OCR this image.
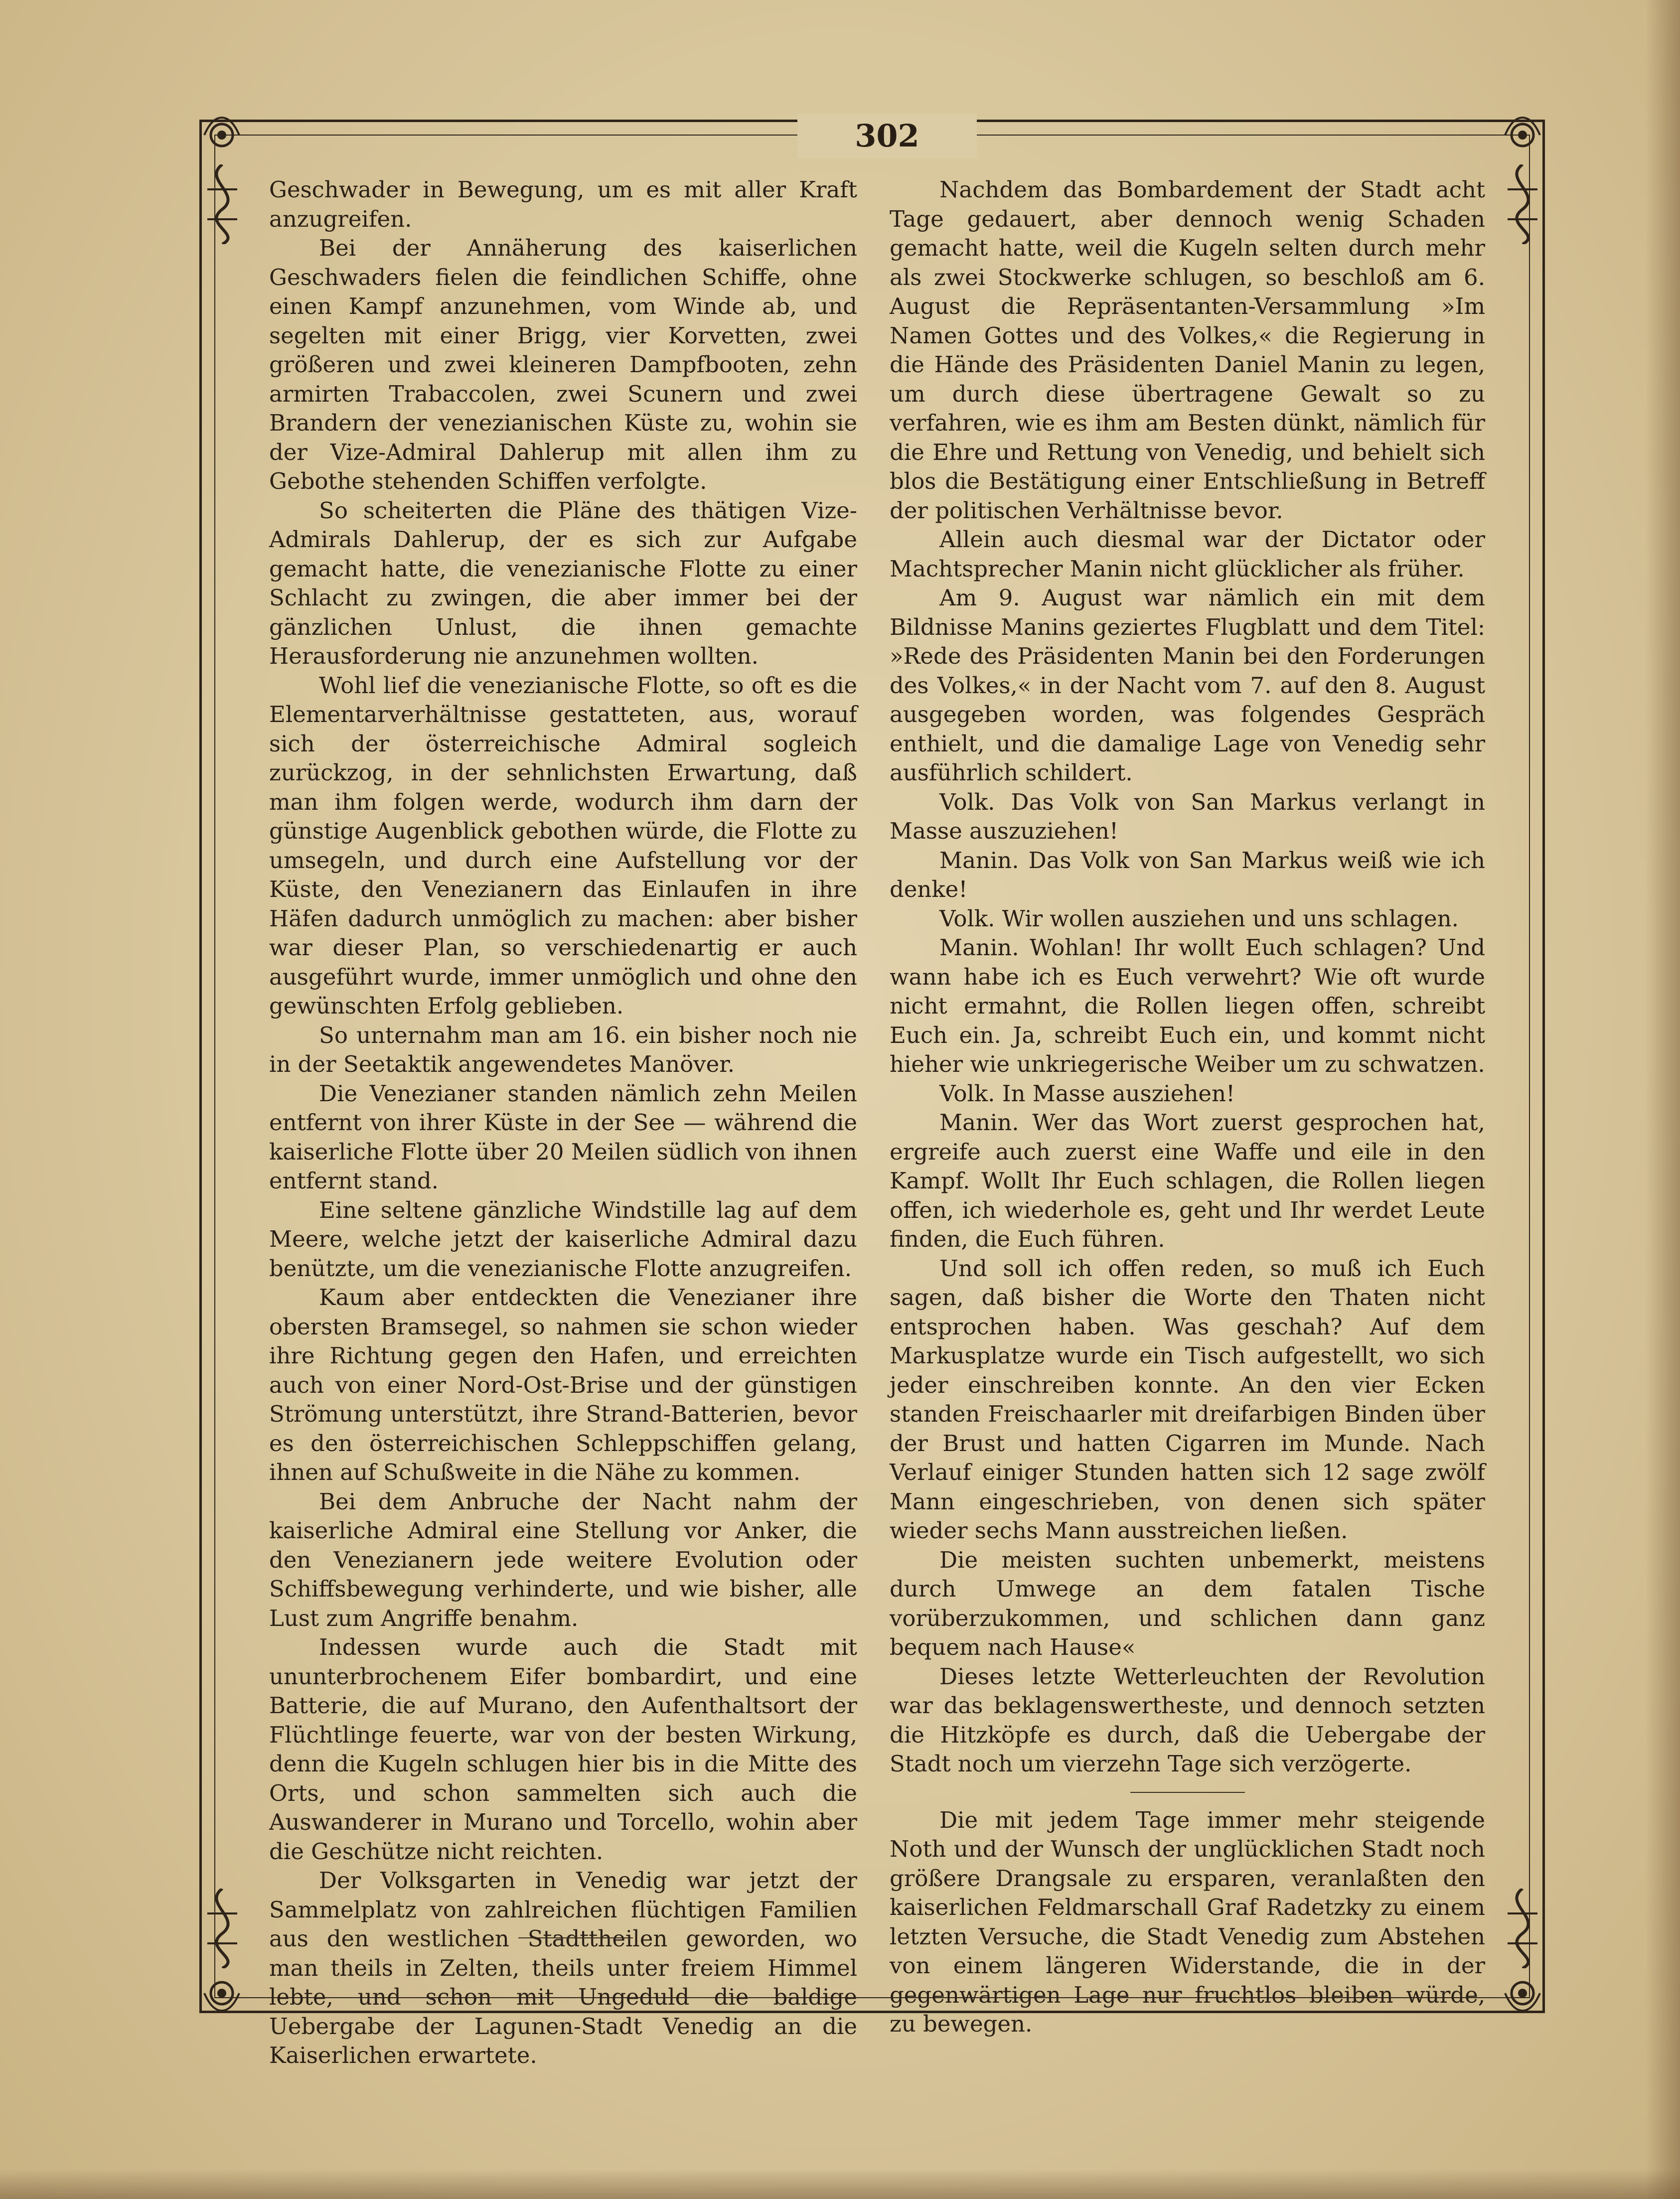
302

Geschwader in Bewegung, um es mit aller Kraft anzugreifen.

Bei der Annäherung des kaiserlichen Geschwaders fielen die feindlichen Schiffe, ohne einen Kampf anzunehmen, vom Winde ab, und segelten mit einer Brigg, vier Korvetten, zwei größeren und zwei kleineren Dampfbooten, zehn armirten Trabaccolen, zwei Scunern und zwei Brandern der venezianischen Küste zu, wohin sie der Vize-Admiral Dahlerup mit allen ihm zu Gebothe stehenden Schiffen verfolgte.

So scheiterten die Pläne des thätigen Vize-Admirals Dahlerup, der es sich zur Aufgabe gemacht hatte, die venezianische Flotte zu einer Schlacht zu zwingen, die aber immer bei der gänzlichen Unlust, die ihnen gemachte Herausforderung nie anzunehmen wollten.

Wohl lief die venezianische Flotte, so oft es die Elementarverhältnisse gestatteten, aus, worauf sich der österreichische Admiral sogleich zurückzog, in der sehnlichsten Erwartung, daß man ihm folgen werde, wodurch ihm darn der günstige Augenblick gebothen würde, die Flotte zu umsegeln, und durch eine Aufstellung vor der Küste, den Venezianern das Einlaufen in ihre Häfen dadurch unmöglich zu machen: aber bisher war dieser Plan, so verschiedenartig er auch ausgeführt wurde, immer unmöglich und ohne den gewünschten Erfolg geblieben.

So unternahm man am 16. ein bisher noch nie in der Seetaktik angewendetes Manöver.

Die Venezianer standen nämlich zehn Meilen entfernt von ihrer Küste in der See — während die kaiserliche Flotte über 20 Meilen südlich von ihnen entfernt stand.

Eine seltene gänzliche Windstille lag auf dem Meere, welche jetzt der kaiserliche Admiral dazu benützte, um die venezianische Flotte anzugreifen.

Kaum aber entdeckten die Venezianer ihre obersten Bramsegel, so nahmen sie schon wieder ihre Richtung gegen den Hafen, und erreichten auch von einer Nord-Ost-Brise und der günstigen Strömung unterstützt, ihre Strand-Batterien, bevor es den österreichischen Schleppschiffen gelang, ihnen auf Schußweite in die Nähe zu kommen.

Bei dem Anbruche der Nacht nahm der kaiserliche Admiral eine Stellung vor Anker, die den Venezianern jede weitere Evolution oder Schiffsbewegung verhinderte, und wie bisher, alle Lust zum Angriffe benahm.

Indessen wurde auch die Stadt mit ununterbrochenem Eifer bombardirt, und eine Batterie, die auf Murano, den Aufenthaltsort der Flüchtlinge feuerte, war von der besten Wirkung, denn die Kugeln schlugen hier bis in die Mitte des Orts, und schon sammelten sich auch die Auswanderer in Murano und Torcello, wohin aber die Geschütze nicht reichten.

Der Volksgarten in Venedig war jetzt der Sammelplatz von zahlreichen flüchtigen Familien aus den westlichen Stadttheilen geworden, wo man theils in Zelten, theils unter freiem Himmel lebte, und schon mit Ungeduld die baldige Uebergabe der Lagunen-Stadt Venedig an die Kaiserlichen erwartete.

Nachdem das Bombardement der Stadt acht Tage gedauert, aber dennoch wenig Schaden gemacht hatte, weil die Kugeln selten durch mehr als zwei Stockwerke schlugen, so beschloß am 6. August die Repräsentanten-Versammlung »Im Namen Gottes und des Volkes,« die Regierung in die Hände des Präsidenten Daniel Manin zu legen, um durch diese übertragene Gewalt so zu verfahren, wie es ihm am Besten dünkt, nämlich für die Ehre und Rettung von Venedig, und behielt sich blos die Bestätigung einer Entschließung in Betreff der politischen Verhältnisse bevor.

Allein auch diesmal war der Dictator oder Machtsprecher Manin nicht glücklicher als früher.

Am 9. August war nämlich ein mit dem Bildnisse Manins geziertes Flugblatt und dem Titel: »Rede des Präsidenten Manin bei den Forderungen des Volkes,« in der Nacht vom 7. auf den 8. August ausgegeben worden, was folgendes Gespräch enthielt, und die damalige Lage von Venedig sehr ausführlich schildert.

Volk. Das Volk von San Markus verlangt in Masse auszuziehen!

Manin. Das Volk von San Markus weiß wie ich denke!

Volk. Wir wollen ausziehen und uns schlagen.

Manin. Wohlan! Ihr wollt Euch schlagen? Und wann habe ich es Euch verwehrt? Wie oft wurde nicht ermahnt, die Rollen liegen offen, schreibt Euch ein. Ja, schreibt Euch ein, und kommt nicht hieher wie unkriegerische Weiber um zu schwatzen.

Volk. In Masse ausziehen!

Manin. Wer das Wort zuerst gesprochen hat, ergreife auch zuerst eine Waffe und eile in den Kampf. Wollt Ihr Euch schlagen, die Rollen liegen offen, ich wiederhole es, geht und Ihr werdet Leute finden, die Euch führen.

Und soll ich offen reden, so muß ich Euch sagen, daß bisher die Worte den Thaten nicht entsprochen haben. Was geschah? Auf dem Markusplatze wurde ein Tisch aufgestellt, wo sich jeder einschreiben konnte. An den vier Ecken standen Freischaarler mit dreifarbigen Binden über der Brust und hatten Cigarren im Munde. Nach Verlauf einiger Stunden hatten sich 12 sage zwölf Mann eingeschrieben, von denen sich später wieder sechs Mann ausstreichen ließen.

Die meisten suchten unbemerkt, meistens durch Umwege an dem fatalen Tische vorüberzukommen, und schlichen dann ganz bequem nach Hause«

Dieses letzte Wetterleuchten der Revolution war das beklagenswertheste, und dennoch setzten die Hitzköpfe es durch, daß die Uebergabe der Stadt noch um vierzehn Tage sich verzögerte.

Die mit jedem Tage immer mehr steigende Noth und der Wunsch der unglücklichen Stadt noch größere Drangsale zu ersparen, veranlaßten den kaiserlichen Feldmarschall Graf Radetzky zu einem letzten Versuche, die Stadt Venedig zum Abstehen von einem längeren Widerstande, die in der gegenwärtigen Lage nur fruchtlos bleiben würde, zu bewegen.
